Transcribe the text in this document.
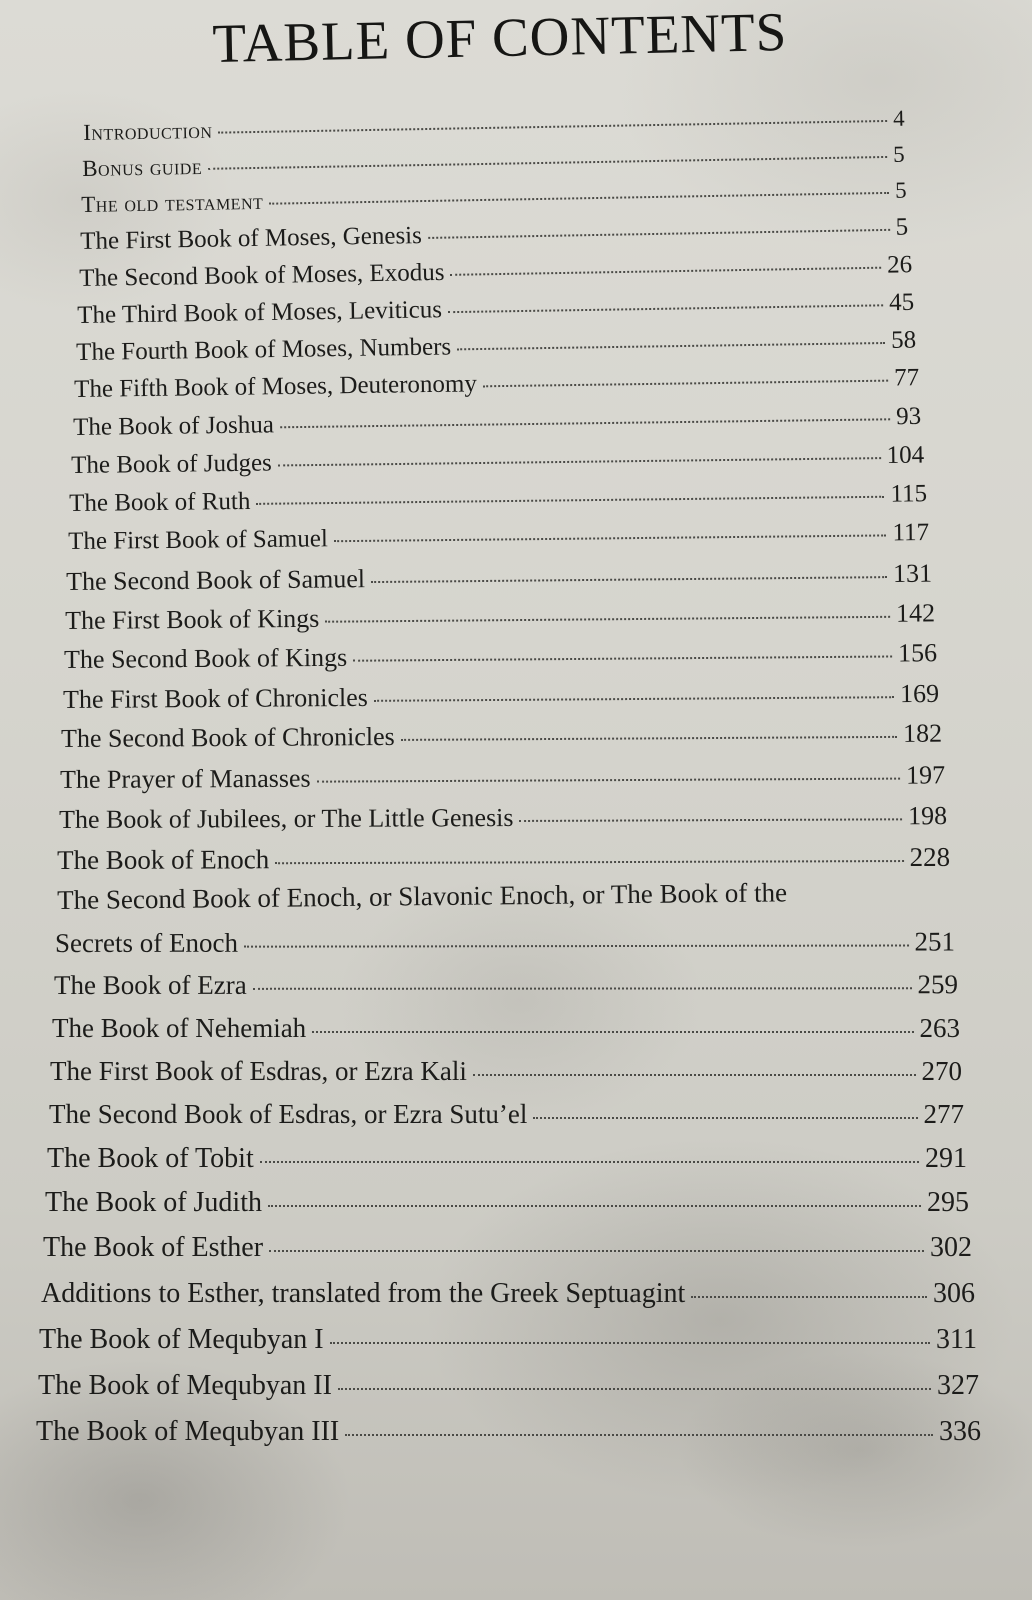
TABLE OF CONTENTS
Introduction	4
Bonus guide	5
The old testament	5
The First Book of Moses, Genesis	5
The Second Book of Moses, Exodus	26
The Third Book of Moses, Leviticus	45
The Fourth Book of Moses, Numbers	58
The Fifth Book of Moses, Deuteronomy	77
The Book of Joshua	93
The Book of Judges	104
The Book of Ruth	115
The First Book of Samuel	117
The Second Book of Samuel	131
The First Book of Kings	142
The Second Book of Kings	156
The First Book of Chronicles	169
The Second Book of Chronicles	182
The Prayer of Manasses	197
The Book of Jubilees, or The Little Genesis	198
The Book of Enoch	228
The Second Book of Enoch, or Slavonic Enoch, or The Book of the
Secrets of Enoch	251
The Book of Ezra	259
The Book of Nehemiah	263
The First Book of Esdras, or Ezra Kali	270
The Second Book of Esdras, or Ezra Sutu’el	277
The Book of Tobit	291
The Book of Judith	295
The Book of Esther	302
Additions to Esther, translated from the Greek Septuagint	306
The Book of Mequbyan I	311
The Book of Mequbyan II	327
The Book of Mequbyan III	336
